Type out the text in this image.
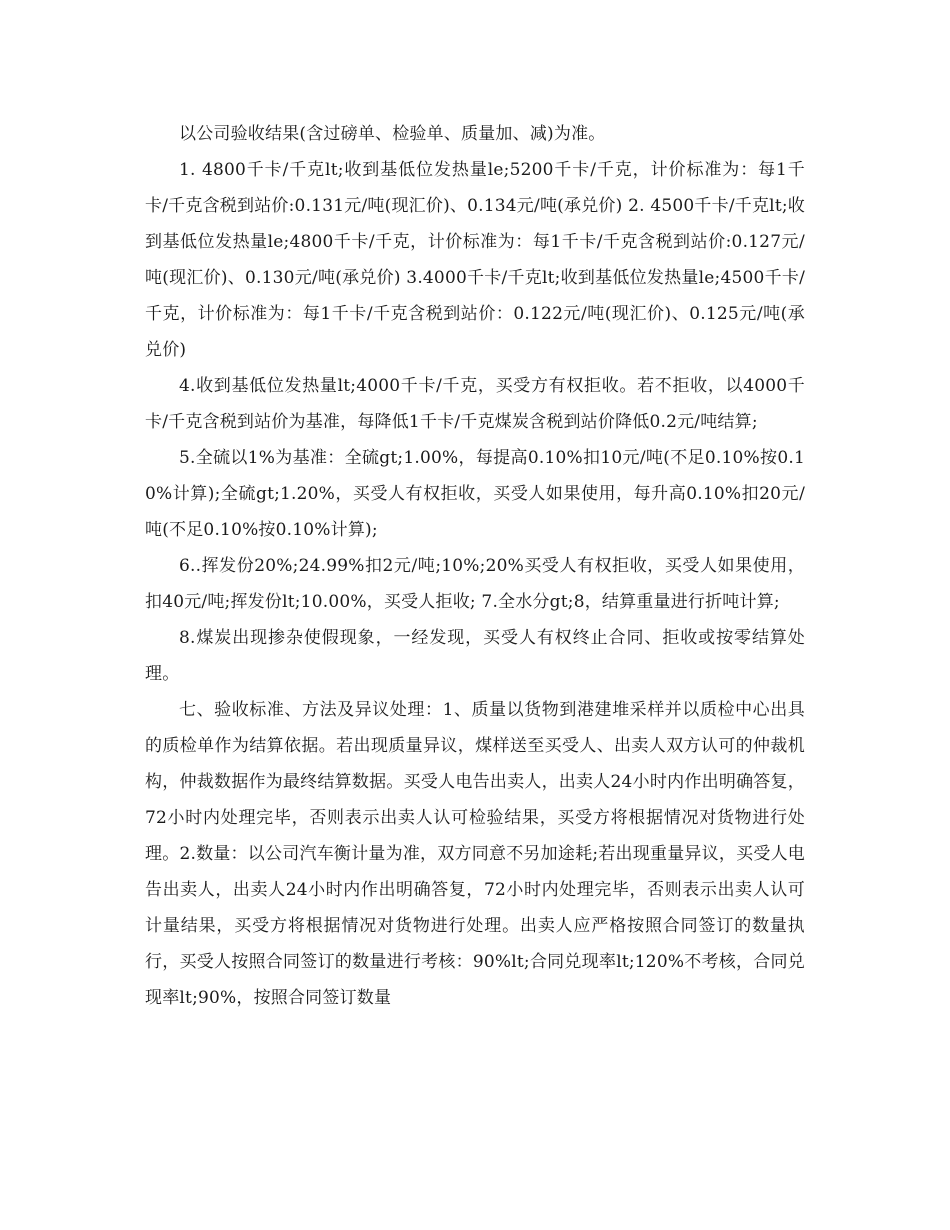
以公司验收结果(含过磅单、检验单、质量加、减)为准。

1. 4800千卡/千克lt;收到基低位发热量le;5200千卡/千克，计价标准为：每1千卡/千克含税到站价:0.131元/吨(现汇价)、0.134元/吨(承兑价) 2. 4500千卡/千克lt;收到基低位发热量le;4800千卡/千克，计价标准为：每1千卡/千克含税到站价:0.127元/吨(现汇价)、0.130元/吨(承兑价) 3.4000千卡/千克lt;收到基低位发热量le;4500千卡/千克，计价标准为：每1千卡/千克含税到站价：0.122元/吨(现汇价)、0.125元/吨(承兑价)

4.收到基低位发热量lt;4000千卡/千克，买受方有权拒收。若不拒收，以4000千卡/千克含税到站价为基准，每降低1千卡/千克煤炭含税到站价降低0.2元/吨结算;

5.全硫以1%为基准：全硫gt;1.00%，每提高0.10%扣10元/吨(不足0.10%按0.10%计算);全硫gt;1.20%，买受人有权拒收，买受人如果使用，每升高0.10%扣20元/吨(不足0.10%按0.10%计算);

6..挥发份20%;24.99%扣2元/吨;10%;20%买受人有权拒收，买受人如果使用，扣40元/吨;挥发份lt;10.00%，买受人拒收; 7.全水分gt;8，结算重量进行折吨计算;

8.煤炭出现掺杂使假现象，一经发现，买受人有权终止合同、拒收或按零结算处理。

七、验收标准、方法及异议处理：1、质量以货物到港建堆采样并以质检中心出具的质检单作为结算依据。若出现质量异议，煤样送至买受人、出卖人双方认可的仲裁机构，仲裁数据作为最终结算数据。买受人电告出卖人，出卖人24小时内作出明确答复，72小时内处理完毕，否则表示出卖人认可检验结果，买受方将根据情况对货物进行处理。2.数量：以公司汽车衡计量为准，双方同意不另加途耗;若出现重量异议，买受人电告出卖人，出卖人24小时内作出明确答复，72小时内处理完毕，否则表示出卖人认可计量结果，买受方将根据情况对货物进行处理。出卖人应严格按照合同签订的数量执行，买受人按照合同签订的数量进行考核：90%lt;合同兑现率lt;120%不考核，合同兑现率lt;90%，按照合同签订数量
